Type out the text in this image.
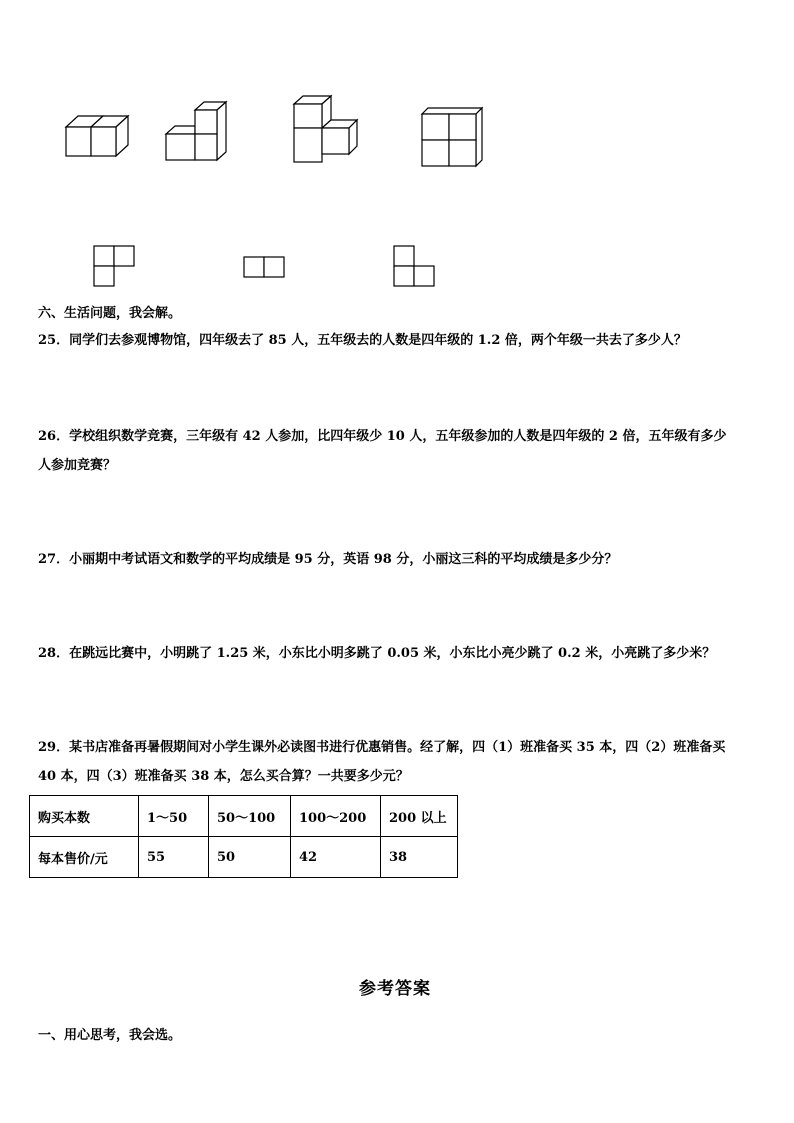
六、生活问题，我会解。
25．同学们去参观博物馆，四年级去了 85 人，五年级去的人数是四年级的 1.2 倍，两个年级一共去了多少人？
26．学校组织数学竞赛，三年级有 42 人参加，比四年级少 10 人，五年级参加的人数是四年级的 2 倍，五年级有多少
人参加竞赛？
27．小丽期中考试语文和数学的平均成绩是 95 分，英语 98 分，小丽这三科的平均成绩是多少分？
28．在跳远比赛中，小明跳了 1.25 米，小东比小明多跳了 0.05 米，小东比小亮少跳了 0.2 米，小亮跳了多少米？
29．某书店准备再暑假期间对小学生课外必读图书进行优惠销售。经了解，四（1）班准备买 35 本，四（2）班准备买
40 本，四（3）班准备买 38 本，怎么买合算？一共要多少元？
购买本数	1～50	50～100	100～200	200 以上
每本售价/元	55	50	42	38
参考答案
一、用心思考，我会选。
